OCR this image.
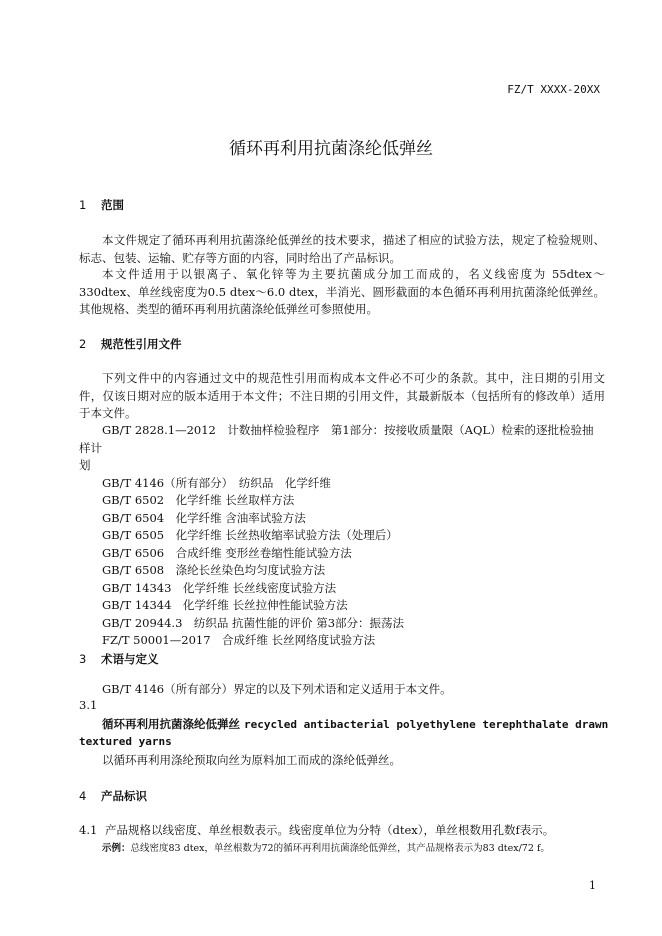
FZ/T XXXX-20XX
循环再利用抗菌涤纶低弹丝
1 范围
本文件规定了循环再利用抗菌涤纶低弹丝的技术要求，描述了相应的试验方法，规定了检验规则、标志、包装、运输、贮存等方面的内容，同时给出了产品标识。
本文件适用于以银离子、氧化锌等为主要抗菌成分加工而成的，名义线密度为 55dtex～330dtex、单丝线密度为0.5 dtex～6.0 dtex，半消光、圆形截面的本色循环再利用抗菌涤纶低弹丝。其他规格、类型的循环再利用抗菌涤纶低弹丝可参照使用。
2 规范性引用文件
下列文件中的内容通过文中的规范性引用而构成本文件必不可少的条款。其中，注日期的引用文件，仅该日期对应的版本适用于本文件；不注日期的引用文件，其最新版本（包括所有的修改单）适用于本文件。
GB/T 2828.1—2012　计数抽样检验程序　第1部分：按接收质量限（AQL）检索的逐批检验抽样计
划
GB/T 4146（所有部分）　纺织品　化学纤维
GB/T 6502　化学纤维 长丝取样方法
GB/T 6504　化学纤维 含油率试验方法
GB/T 6505　化学纤维 长丝热收缩率试验方法（处理后）
GB/T 6506　合成纤维 变形丝卷缩性能试验方法
GB/T 6508　涤纶长丝染色均匀度试验方法
GB/T 14343　化学纤维 长丝线密度试验方法
GB/T 14344　化学纤维 长丝拉伸性能试验方法
GB/T 20944.3　纺织品 抗菌性能的评价 第3部分：振荡法
FZ/T 50001—2017　合成纤维 长丝网络度试验方法
3 术语与定义
GB/T 4146（所有部分）界定的以及下列术语和定义适用于本文件。
3.1
循环再利用抗菌涤纶低弹丝 recycled antibacterial polyethylene terephthalate drawn
textured yarns
以循环再利用涤纶预取向丝为原料加工而成的涤纶低弹丝。
4 产品标识
4.1 产品规格以线密度、单丝根数表示。线密度单位为分特（dtex），单丝根数用孔数f表示。
示例：总线密度83 dtex，单丝根数为72的循环再利用抗菌涤纶低弹丝，其产品规格表示为83 dtex/72 f。
1
